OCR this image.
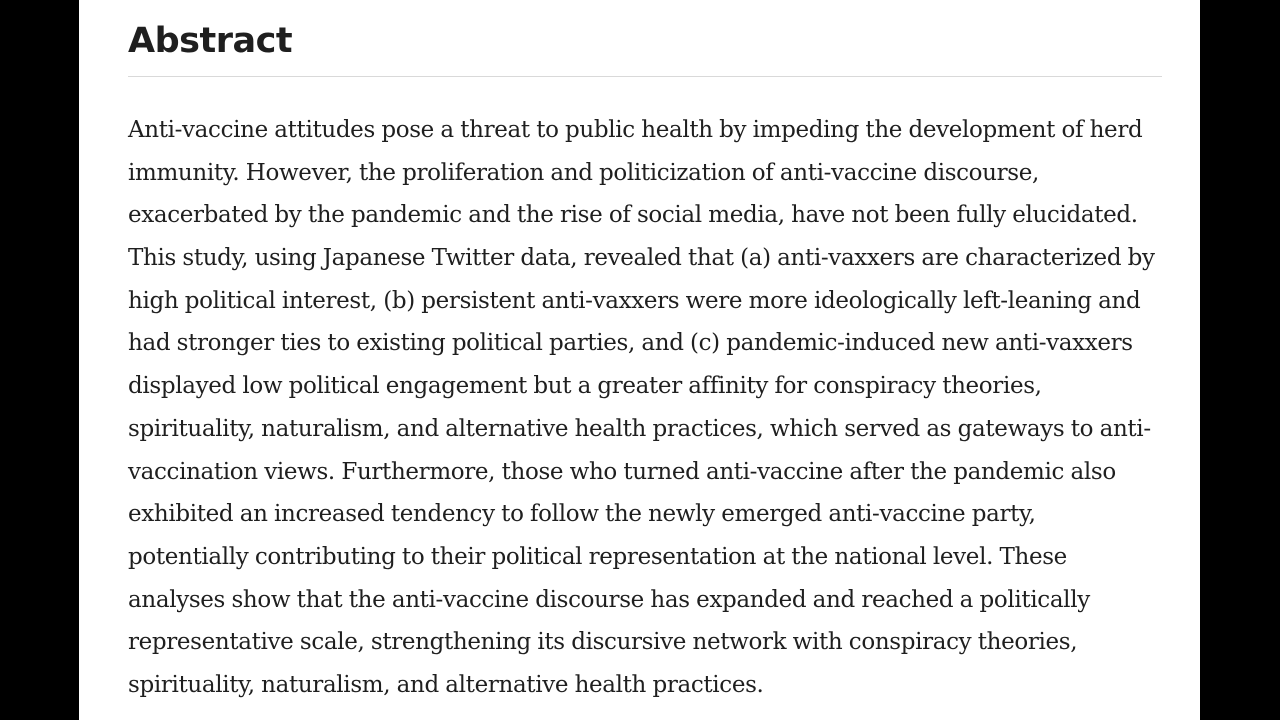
Abstract

Anti-vaccine attitudes pose a threat to public health by impeding the development of herd
immunity. However, the proliferation and politicization of anti-vaccine discourse,
exacerbated by the pandemic and the rise of social media, have not been fully elucidated.
This study, using Japanese Twitter data, revealed that (a) anti-vaxxers are characterized by
high political interest, (b) persistent anti-vaxxers were more ideologically left-leaning and
had stronger ties to existing political parties, and (c) pandemic-induced new anti-vaxxers
displayed low political engagement but a greater affinity for conspiracy theories,
spirituality, naturalism, and alternative health practices, which served as gateways to anti-
vaccination views. Furthermore, those who turned anti-vaccine after the pandemic also
exhibited an increased tendency to follow the newly emerged anti-vaccine party,
potentially contributing to their political representation at the national level. These
analyses show that the anti-vaccine discourse has expanded and reached a politically
representative scale, strengthening its discursive network with conspiracy theories,
spirituality, naturalism, and alternative health practices.
